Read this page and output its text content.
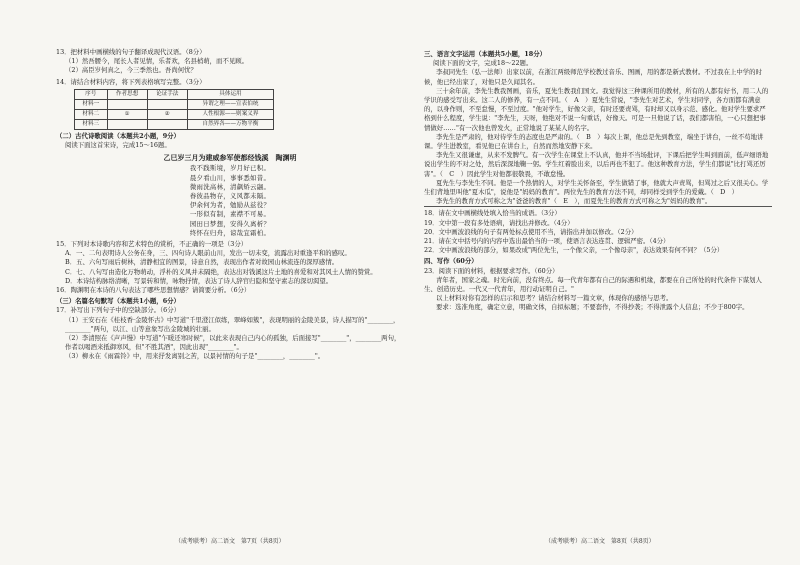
13．把材料中画横线的句子翻译成现代汉语。（8分）

（1）然吾腰今，尾长人者见情，乐者欢，名县梢萌，而不见顾。

（2）高臣岁何真之，今三季然也。吾尚何忧？

14．请结合材料内容，将下列表格填写完整。（3分）

序号	作者思想	论证手法	具体运用
材料一			异谓之理——宣表伯统
材料二	①	②	人性根源——则案义界
材料三			自然界各——万物平衡

（二）古代诗歌阅读（本题共2小题，9分）

阅读下面这首宋诗，完成15～16题。

乙巳岁三月为建威参军使都经钱溪　陶渊明

我不践斯境，岁月好已积。

晨夕看山川，事事悉如昔。

微雨洗高林，清飙矫云翮。

眷彼品物存，义风都未隔。

伊余何为者，勉励从兹役？

一形似有制，素襟不可易。

园田日梦想，安得久离析？

终怀在归舟，谅哉宜霜柏。

15．下列对本诗歌内容和艺术特色的赏析，不正确的一项是（3分）

A．一、二句表明诗人公务在身，三、四句诗人眼前山川，发出一切未变，流露出对重逢平和的感叹。

B．五、六句写雨后树林，清静相宜的图景，诗意自然，表现出作者对故园山林流连的深厚感情。

C．七、八句写由造化万物萌动，浮朴的义风并未隔绝，表达出对钱溪这片土地的喜爱和对其风土人情的赞赏。

D．本诗结构脉络清晰，写景转和情，咏物抒情，表达了诗人辞官归隐和坚守素志的深切渴望。

16．陶渊明在本诗的八句表达了哪些思想情感？请简要分析。（6分）

（三）名篇名句默写（本题共1小题，6分）

17．补写出下列句子中的空缺部分。（6分）

（1）王安石在《桂枝香·金陵怀古》中写道"千里澄江似练，翠峰如簇"，表现明丽的金陵美景，诗人描写的"________，________"两句，以江、山等意象写出金陵城的壮丽。

（2）李清照在《声声慢》中写道"乍暖还寒时候"，以此来表现自己内心的孤独，后面接写"________"，________两句，作者以喝酒来抵御寒风，但"不胜其酒"，因此出现"________"。

（3）柳永在《雨霖铃》中，用来抒发离别之苦，以景衬情的句子是"________，________"。

三、语言文字运用（本题共5小题，18分）

阅读下面的文字，完成18～22题。

李叔同先生（弘一法师）出家以前，在浙江两级师范学校教过音乐、图画，用的都是新式教材。不过我在上中学的时候，他已经出家了，对他只是久闻其名。

三十余年前，李先生教我图画，音乐，夏先生教我们国文。我觉得这三种课所用的教材，所有的人都有好书，用二人的学识的感受写出来。这二人的修养，有一点不同。（　A　）夏先生常说，"李先生对艺术，学生对同学，各方面都有满意的，以身作则，不至怠慢，不至过度。"他对学生，好像父亲，有时还要责骂，有时却又以身示范、感化。他对学生要求严格到什么程度，学生说："李先生，天呀，他绝对不说一句重话，好像天。可是一旦他说了话，我们都害怕，一心只想把事情做好……"有一次他也曾发火，正常地说了某某人的名字。

李先生是严肃的，他对待学生的态度也是严肃的。（　B　）每次上课，他总是先到教室，端坐于讲台，一丝不苟地讲课。学生进教室，看见他已在讲台上，自然而然地安静下来。

李先生又很谦虚，从来不发脾气。有一次学生在课堂上不认真，他并不当场批评，下课后把学生叫到面前，低声细语地说出学生的不对之处，然后深深地鞠一躬。学生红着脸出来，以后再也不犯了。他这种教育方法，学生们都说"比打骂还厉害"。（　C　）因此学生对他都很敬畏，不敢怠慢。

夏先生与李先生不同。他是一个热情的人，对学生关怀备至，学生做错了事，他就大声责骂，但骂过之后又很关心。学生们背地里叫他"夏木瓜"，说他是"妈妈的教育"。两位先生的教育方法不同，却同样受到学生的爱戴。（　D　）

李先生的教育方式可称之为"爸爸的教育"（　E　），而夏先生的教育方式可称之为"妈妈的教育"。

18．请在文中画横线处填入恰当的成语。（3分）

19．文中第一段有多处语病，请找出并修改。（4分）

20．文中画波浪线的句子有两处标点使用不当，请指出并加以修改。（2分）

21．请在文中括号内的内容中选出最恰当的一项，使语言表达连贯、逻辑严密。（4分）

22．文中画波浪线的部分，如果改成"两位先生，一个像父亲，一个像母亲"，表达效果有何不同？（5分）

四、写作（60分）

23．阅读下面的材料，根据要求写作。（60分）

青年者，国家之魂。时光向前，没有终点。每一代青年都有自己的际遇和机缘，都要在自己所处的时代条件下谋划人生、创造历史。一代又一代青年，用行动证明自己。"

以上材料对你有怎样的启示和思考？请结合材料写一篇文章，体现你的感悟与思考。

要求：选准角度，确定立意，明确文体，自拟标题；不要套作，不得抄袭；不得泄露个人信息；不少于800字。

（成考联考）高二语文　第7页（共8页）	（成考联考）高二语文　第8页（共8页）
